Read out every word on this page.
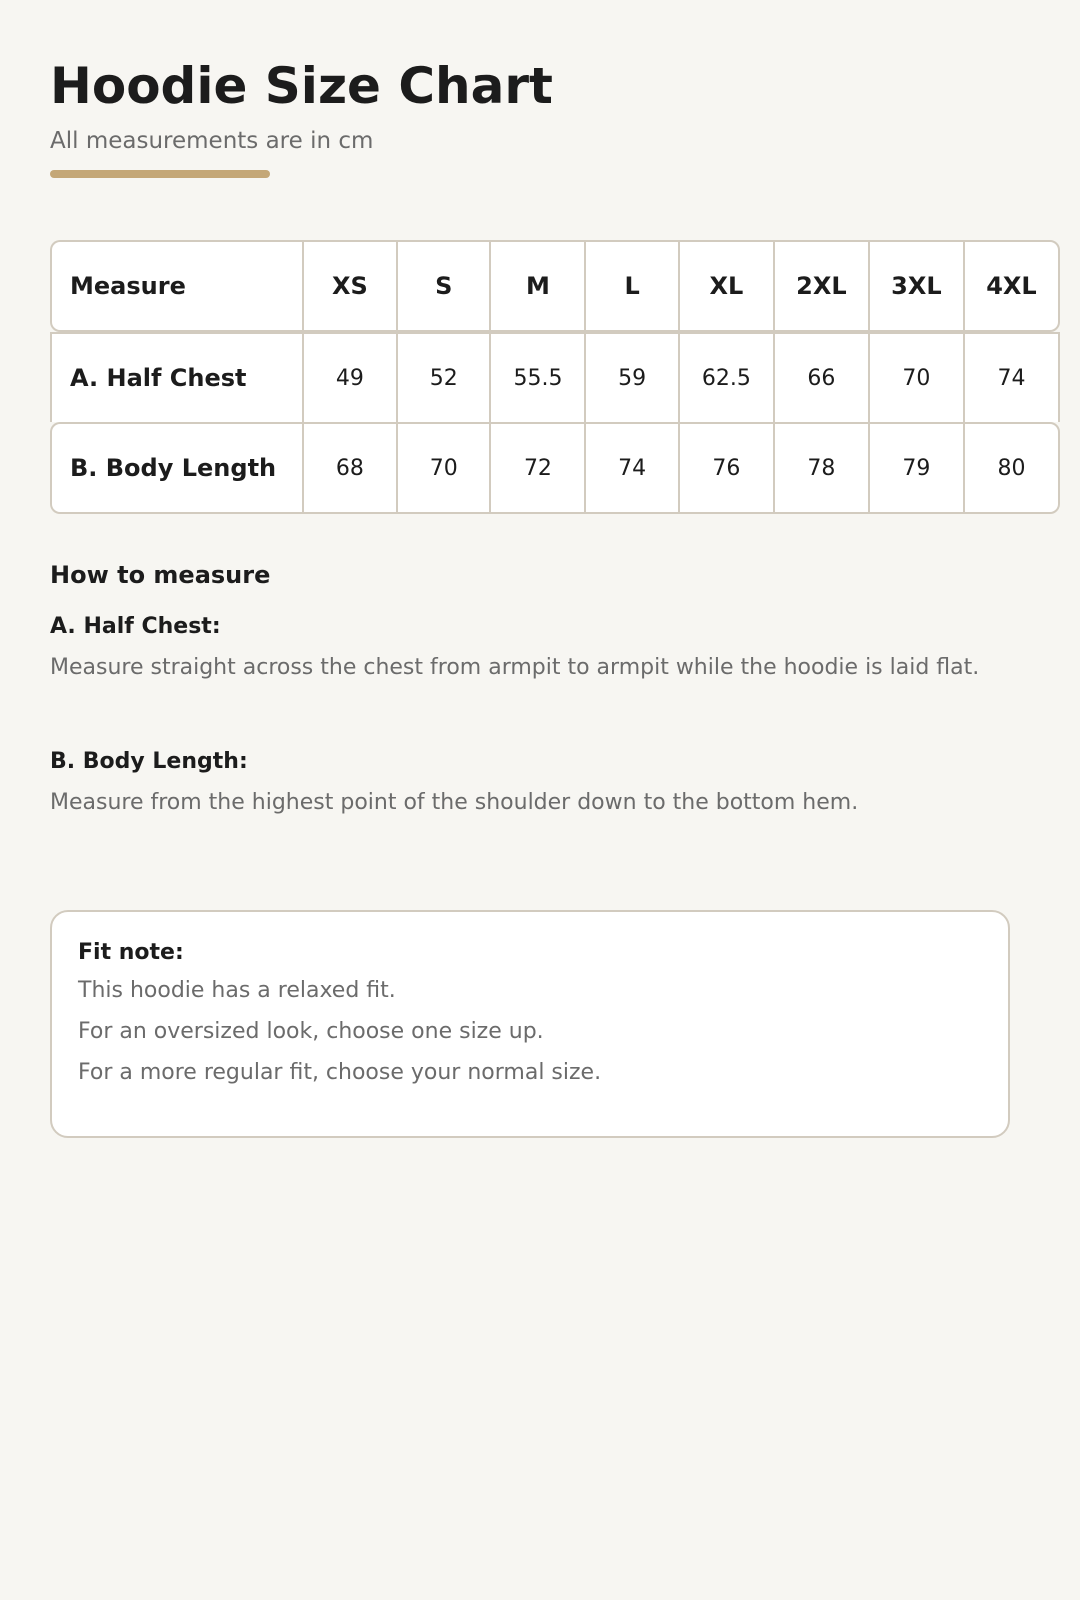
Hoodie Size Chart
All measurements are in cm
Measure	XS	S	M	L	XL	2XL	3XL	4XL
A. Half Chest	49	52	55.5	59	62.5	66	70	74
B. Body Length	68	70	72	74	76	78	79	80
How to measure
A. Half Chest:

Measure straight across the chest from armpit to armpit while the hoodie is laid flat.

B. Body Length:

Measure from the highest point of the shoulder down to the bottom hem.

Fit note:

This hoodie has a relaxed fit.

For an oversized look, choose one size up.

For a more regular fit, choose your normal size.
